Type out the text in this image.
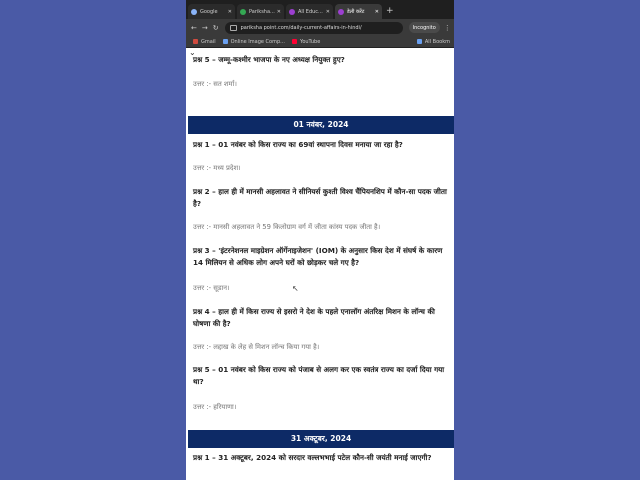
Google ✕	Pariksha... ✕	All Educ... ✕	डेली करेंट ✕ +
← → ↻	pariksha point.com/daily-current-affairs-in-hindi/	Incognito ⋮
Gmail	Online Image Comp...	YouTube	All Bookm
⌄
प्रश्न 5 – जम्मू-कश्मीर भाजपा के नए अध्यक्ष नियुक्त हुए?
उत्तर :- सत शर्मा।
01 नवंबर, 2024
प्रश्न 1 – 01 नवंबर को किस राज्य का 69वां स्थापना दिवस मनाया जा रहा है?
उत्तर :- मध्य प्रदेश।
प्रश्न 2 – हाल ही में मानसी अहलावत ने सीनियर्स कुश्ती विश्व चैंपियनशिप में कौन-सा पदक जीता है?
उत्तर :- मानसी अहलावत ने 59 किलोग्राम वर्ग में जीता कांस्य पदक जीता है।
प्रश्न 3 – 'इंटरनेशनल माइग्रेशन ऑर्गेनाइजेशन' (IOM) के अनुसार किस देश में संघर्ष के कारण 14 मिलियन से अधिक लोग अपने घरों को छोड़कर चले गए है?
उत्तर :- सूडान।
प्रश्न 4 – हाल ही में किस राज्य से इसरो ने देश के पहले एनालॉग अंतरिक्ष मिशन के लॉन्च की घोषणा की है?
उत्तर :- लद्दाख के लेह से मिशन लॉन्च किया गया है।
प्रश्न 5 – 01 नवंबर को किस राज्य को पंजाब से अलग कर एक स्वतंत्र राज्य का दर्जा दिया गया था?
उत्तर :- हरियाणा।
31 अक्टूबर, 2024
प्रश्न 1 – 31 अक्टूबर, 2024 को सरदार वल्लभभाई पटेल कौन-सी जयंती मनाई जाएगी?
↖
